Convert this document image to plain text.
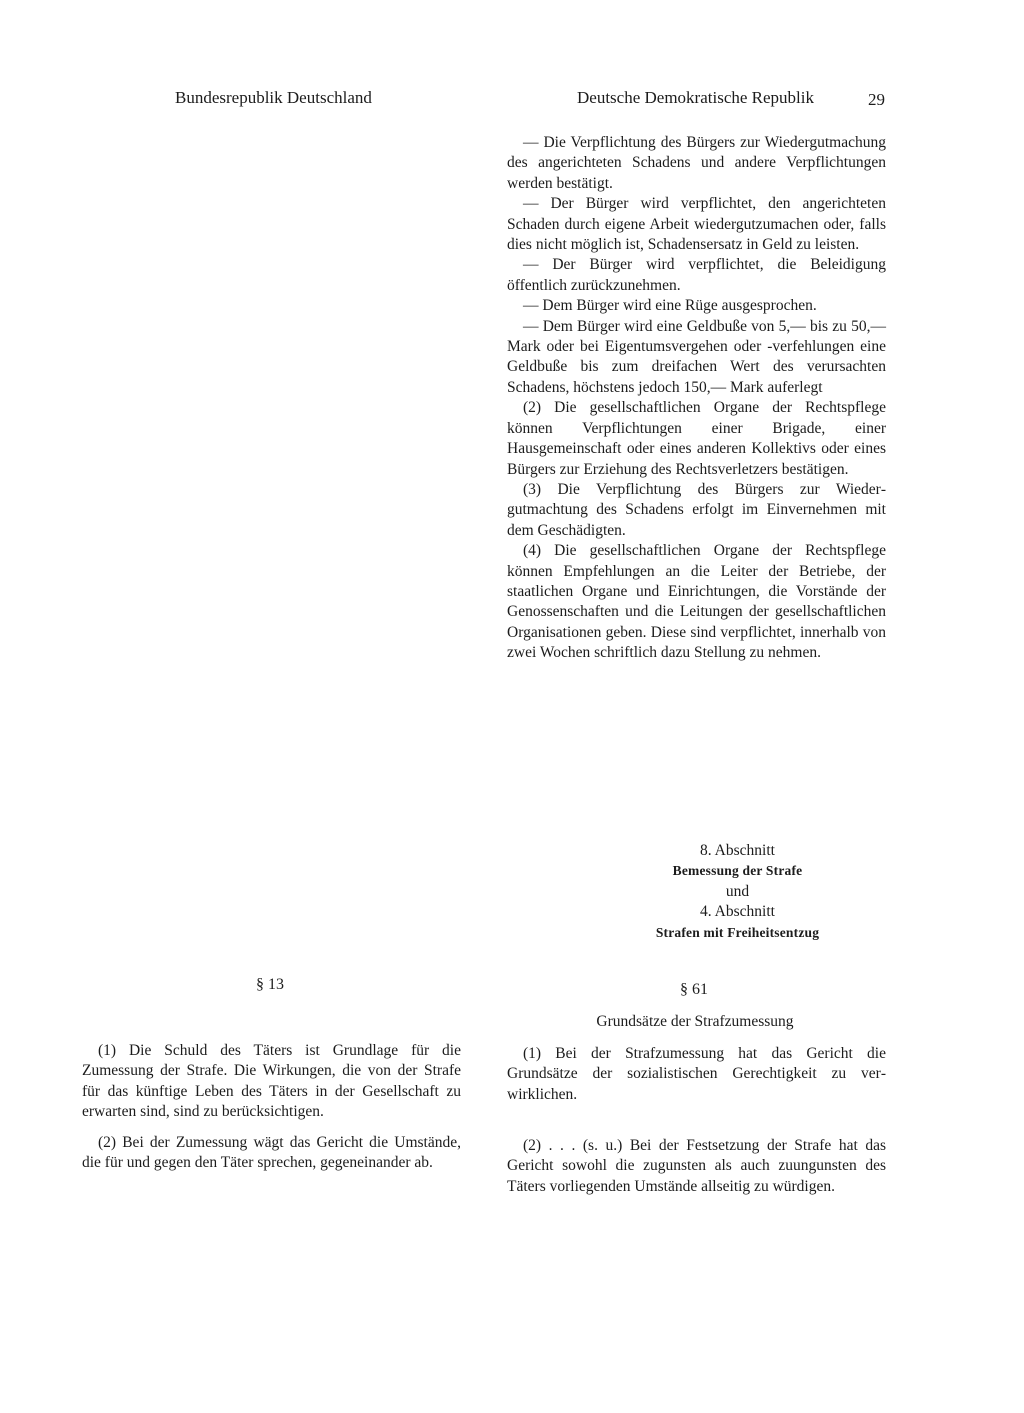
Bundesrepublik Deutschland	Deutsche Demokratische Republik	29

— Die Verpflichtung des Bürgers zur Wiedergutmachung des angerichteten Schadens und andere Verpflichtungen werden bestätigt.

— Der Bürger wird verpflichtet, den angerichteten Schaden durch eigene Arbeit wiedergutzumachen oder, falls dies nicht möglich ist, Schadensersatz in Geld zu leisten.

— Der Bürger wird verpflichtet, die Beleidigung öffentlich zurückzunehmen.

— Dem Bürger wird eine Rüge ausgesprochen.

— Dem Bürger wird eine Geldbuße von 5,— bis zu 50,— Mark oder bei Eigentumsvergehen oder -verfehlungen eine Geldbuße bis zum dreifachen Wert des verursachten Schadens, höchstens jedoch 150,— Mark auferlegt

(2) Die gesellschaftlichen Organe der Rechtspflege können Verpflichtungen einer Brigade, einer Hausgemeinschaft oder eines anderen Kollektivs oder eines Bürgers zur Erziehung des Rechtsverletzers bestätigen.

(3) Die Verpflichtung des Bürgers zur Wiedergutmachtung des Schadens erfolgt im Einvernehmen mit dem Geschädigten.

(4) Die gesellschaftlichen Organe der Rechtspflege können Empfehlungen an die Leiter der Betriebe, der staatlichen Organe und Einrichtungen, die Vorstände der Genossenschaften und die Leitungen der gesellschaftlichen Organisationen geben. Diese sind verpflichtet, innerhalb von zwei Wochen schriftlich dazu Stellung zu nehmen.

8. Abschnitt
Bemessung der Strafe
und
4. Abschnitt
Strafen mit Freiheitsentzug
§ 13	§ 61
Grundsätze der Strafzumessung

(1) Die Schuld des Täters ist Grundlage für die Zumessung der Strafe. Die Wirkungen, die von der Strafe für das künftige Leben des Täters in der Gesellschaft zu erwarten sind, sind zu berücksichtigen.

(2) Bei der Zumessung wägt das Gericht die Umstände, die für und gegen den Täter sprechen, gegeneinander ab.

(1) Bei der Strafzumessung hat das Gericht die Grundsätze der sozialistischen Gerechtigkeit zu verwirklichen.

(2) . . . (s. u.) Bei der Festsetzung der Strafe hat das Gericht sowohl die zugunsten als auch zuungunsten des Täters vorliegenden Umstände allseitig zu würdigen.
